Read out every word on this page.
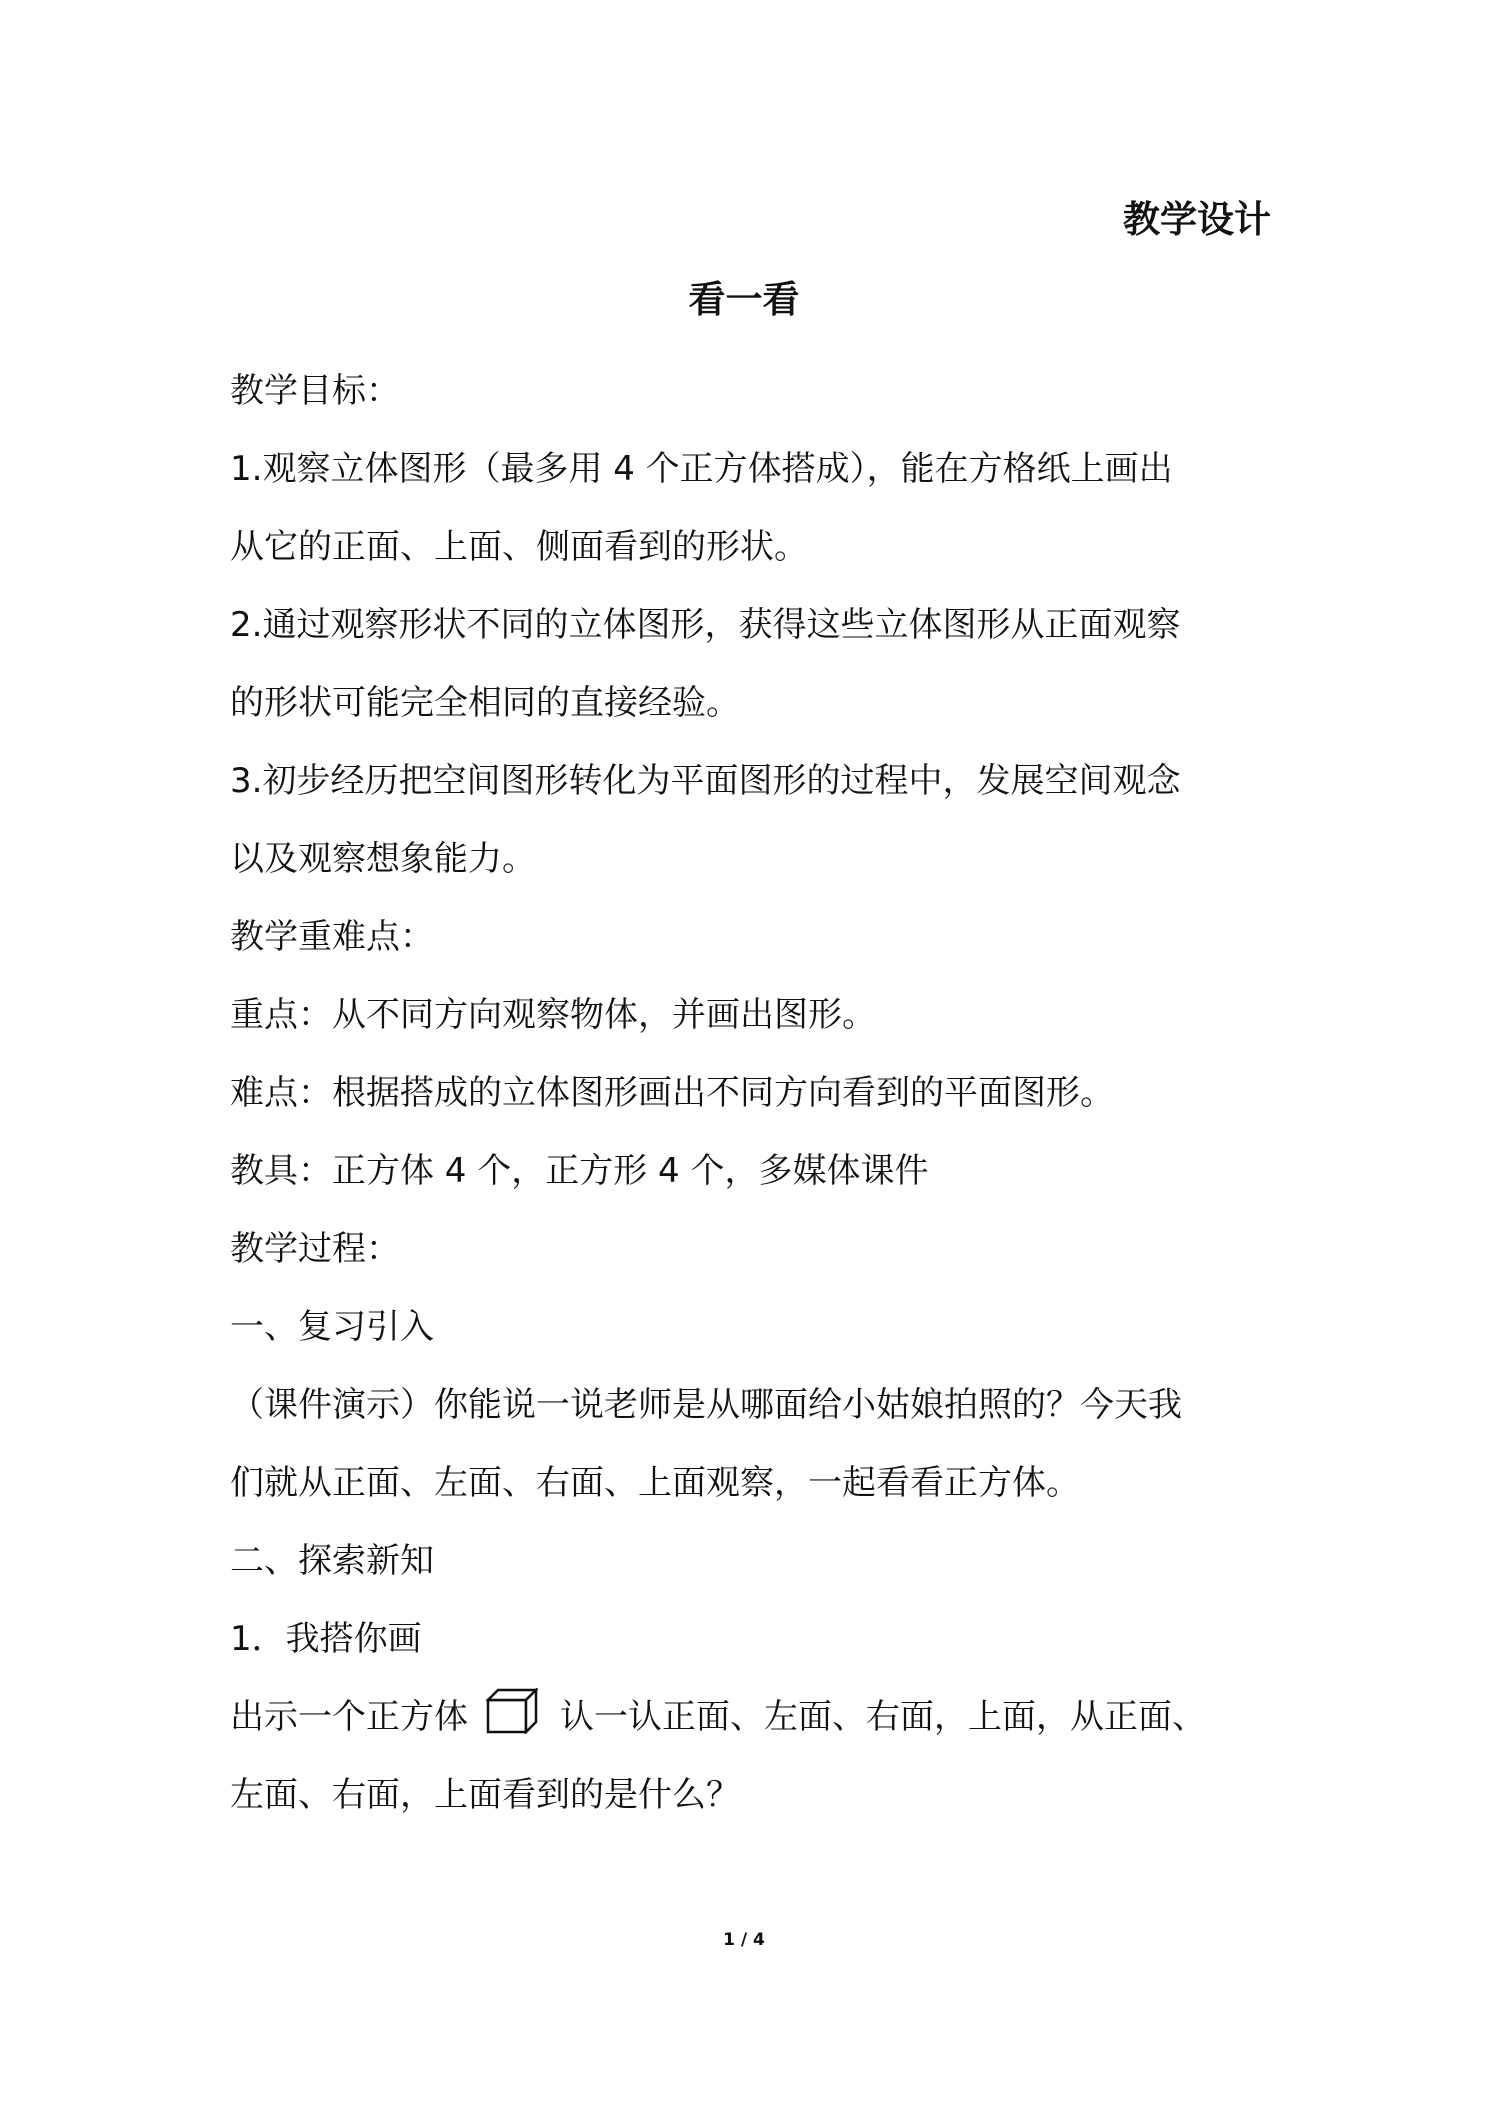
教学设计
看一看

教学目标：

1.观察立体图形（最多用 4 个正方体搭成），能在方格纸上画出

从它的正面、上面、侧面看到的形状。

2.通过观察形状不同的立体图形，获得这些立体图形从正面观察

的形状可能完全相同的直接经验。

3.初步经历把空间图形转化为平面图形的过程中，发展空间观念

以及观察想象能力。

教学重难点：

重点：从不同方向观察物体，并画出图形。

难点：根据搭成的立体图形画出不同方向看到的平面图形。

教具：正方体 4 个，正方形 4 个，多媒体课件

教学过程：

一、复习引入

（课件演示）你能说一说老师是从哪面给小姑娘拍照的？今天我

们就从正面、左面、右面、上面观察，一起看看正方体。

二、探索新知

1．我搭你画

出示一个正方体	认一认正面、左面、右面，上面，从正面、

左面、右面，上面看到的是什么？

1 / 4
